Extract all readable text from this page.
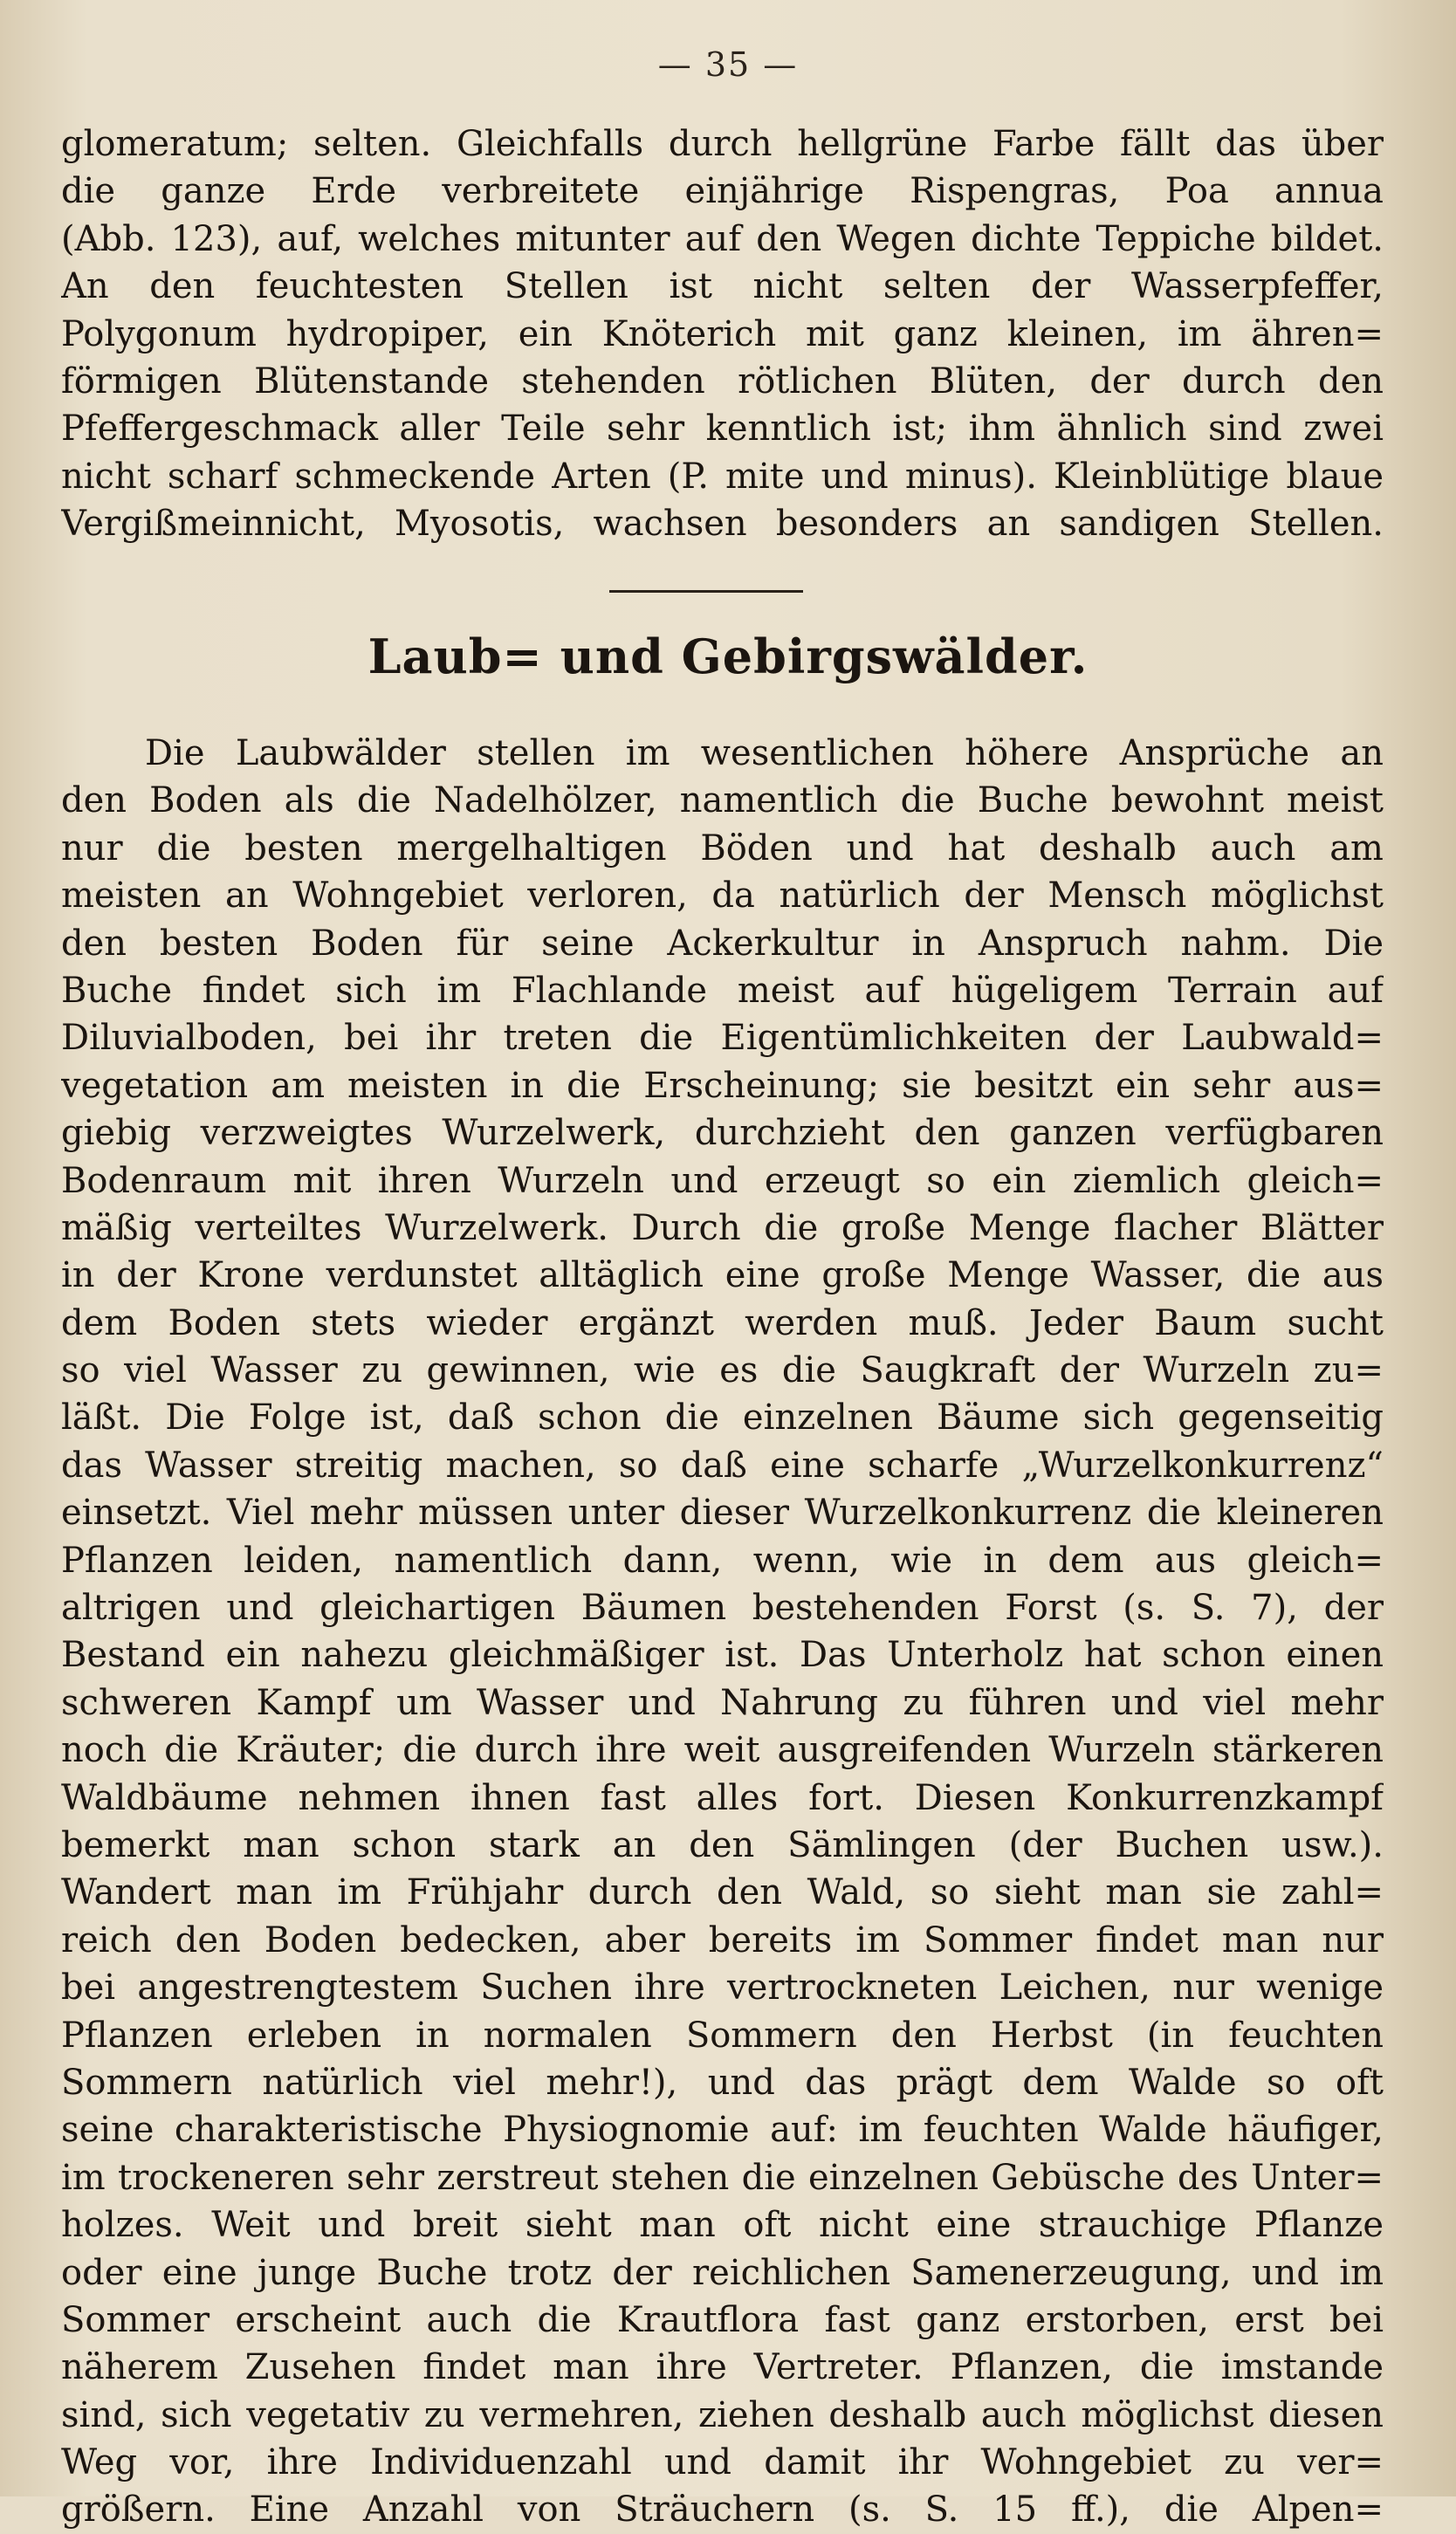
— 35 —
glomeratum; selten. Gleichfalls durch hellgrüne Farbe fällt das über
die ganze Erde verbreitete einjährige Rispengras, Poa annua
(Abb. 123), auf, welches mitunter auf den Wegen dichte Teppiche bildet.
An den feuchtesten Stellen ist nicht selten der Wasserpfeffer,
Polygonum hydropiper, ein Knöterich mit ganz kleinen, im ähren=
förmigen Blütenstande stehenden rötlichen Blüten, der durch den
Pfeffergeschmack aller Teile sehr kenntlich ist; ihm ähnlich sind zwei
nicht scharf schmeckende Arten (P. mite und minus). Kleinblütige blaue
Vergißmeinnicht, Myosotis, wachsen besonders an sandigen Stellen.
Laub= und Gebirgswälder.
Die Laubwälder stellen im wesentlichen höhere Ansprüche an
den Boden als die Nadelhölzer, namentlich die Buche bewohnt meist
nur die besten mergelhaltigen Böden und hat deshalb auch am
meisten an Wohngebiet verloren, da natürlich der Mensch möglichst
den besten Boden für seine Ackerkultur in Anspruch nahm. Die
Buche findet sich im Flachlande meist auf hügeligem Terrain auf
Diluvialboden, bei ihr treten die Eigentümlichkeiten der Laubwald=
vegetation am meisten in die Erscheinung; sie besitzt ein sehr aus=
giebig verzweigtes Wurzelwerk, durchzieht den ganzen verfügbaren
Bodenraum mit ihren Wurzeln und erzeugt so ein ziemlich gleich=
mäßig verteiltes Wurzelwerk. Durch die große Menge flacher Blätter
in der Krone verdunstet alltäglich eine große Menge Wasser, die aus
dem Boden stets wieder ergänzt werden muß. Jeder Baum sucht
so viel Wasser zu gewinnen, wie es die Saugkraft der Wurzeln zu=
läßt. Die Folge ist, daß schon die einzelnen Bäume sich gegenseitig
das Wasser streitig machen, so daß eine scharfe „Wurzelkonkurrenz“
einsetzt. Viel mehr müssen unter dieser Wurzelkonkurrenz die kleineren
Pflanzen leiden, namentlich dann, wenn, wie in dem aus gleich=
altrigen und gleichartigen Bäumen bestehenden Forst (s. S. 7), der
Bestand ein nahezu gleichmäßiger ist. Das Unterholz hat schon einen
schweren Kampf um Wasser und Nahrung zu führen und viel mehr
noch die Kräuter; die durch ihre weit ausgreifenden Wurzeln stärkeren
Waldbäume nehmen ihnen fast alles fort. Diesen Konkurrenzkampf
bemerkt man schon stark an den Sämlingen (der Buchen usw.).
Wandert man im Frühjahr durch den Wald, so sieht man sie zahl=
reich den Boden bedecken, aber bereits im Sommer findet man nur
bei angestrengtestem Suchen ihre vertrockneten Leichen, nur wenige
Pflanzen erleben in normalen Sommern den Herbst (in feuchten
Sommern natürlich viel mehr!), und das prägt dem Walde so oft
seine charakteristische Physiognomie auf: im feuchten Walde häufiger,
im trockeneren sehr zerstreut stehen die einzelnen Gebüsche des Unter=
holzes. Weit und breit sieht man oft nicht eine strauchige Pflanze
oder eine junge Buche trotz der reichlichen Samenerzeugung, und im
Sommer erscheint auch die Krautflora fast ganz erstorben, erst bei
näherem Zusehen findet man ihre Vertreter. Pflanzen, die imstande
sind, sich vegetativ zu vermehren, ziehen deshalb auch möglichst diesen
Weg vor, ihre Individuenzahl und damit ihr Wohngebiet zu ver=
größern. Eine Anzahl von Sträuchern (s. S. 15 ff.), die Alpen=
